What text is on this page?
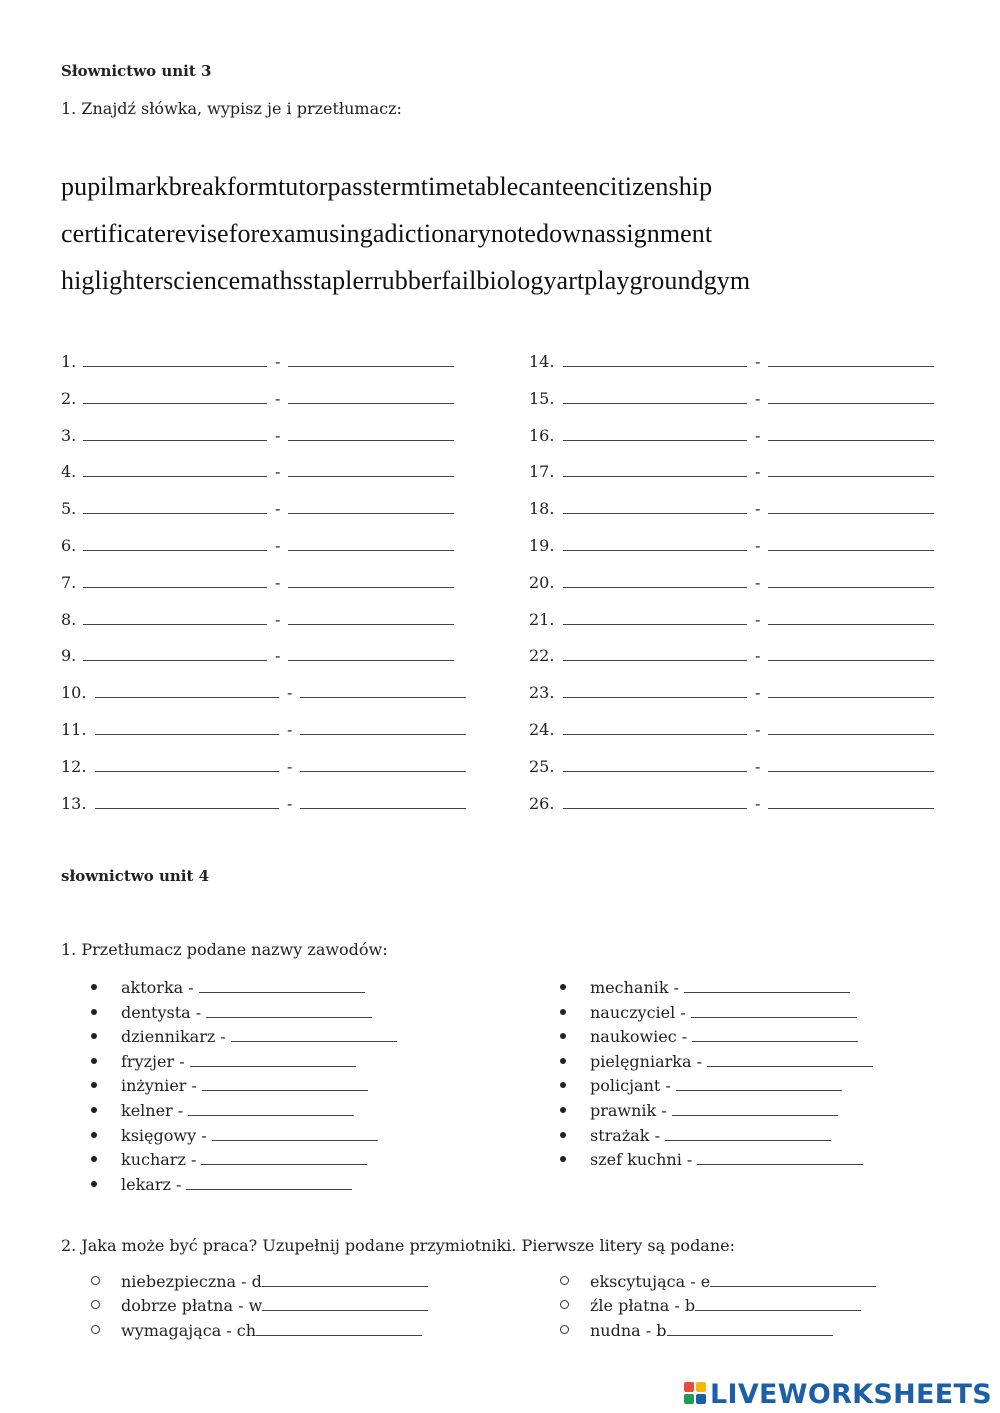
Słownictwo unit 3
1. Znajdź słówka, wypisz je i przetłumacz:
pupilmarkbreakformtutorpasstermtimetablecanteencitizenship
certificatereviseforexamusingadictionarynotedownassignment
higlightersciencemathsstaplerrubberfailbiologyartplaygroundgym
1.	-
2.	-
3.	-
4.	-
5.	-
6.	-
7.	-
8.	-
9.	-
10.	-
11.	-
12.	-
13.	-
14.	-
15.	-
16.	-
17.	-
18.	-
19.	-
20.	-
21.	-
22.	-
23.	-
24.	-
25.	-
26.	-
słownictwo unit 4
1. Przetłumacz podane nazwy zawodów:
aktorka -
dentysta -
dziennikarz -
fryzjer -
inżynier -
kelner -
księgowy -
kucharz -
lekarz -
mechanik -
nauczyciel -
naukowiec -
pielęgniarka -
policjant -
prawnik -
strażak -
szef kuchni -
2. Jaka może być praca? Uzupełnij podane przymiotniki. Pierwsze litery są podane:
niebezpieczna - d
dobrze płatna - w
wymagająca - ch
ekscytująca - e
źle płatna - b
nudna - b
LIVEWORKSHEETS
